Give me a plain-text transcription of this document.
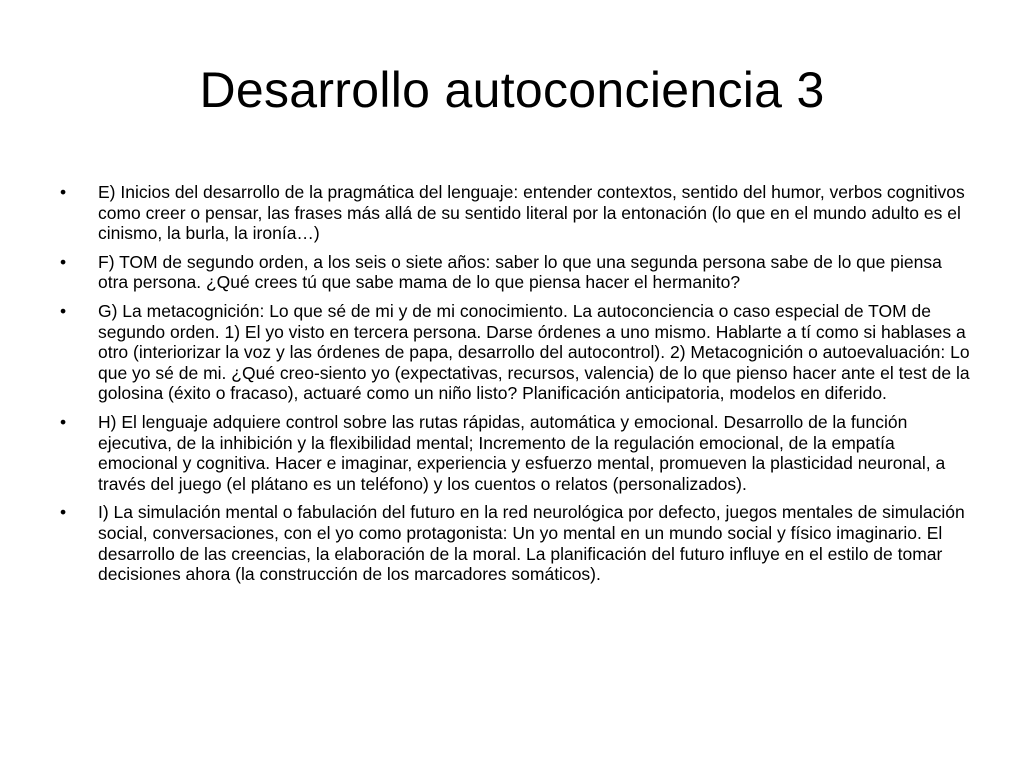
Desarrollo autoconciencia 3
• E) Inicios del desarrollo de la pragmática del lenguaje: entender contextos, sentido del humor, verbos cognitivos como creer o pensar, las frases más allá de su sentido literal por la entonación (lo que en el mundo adulto es el cinismo, la burla, la ironía…)
• F) TOM de segundo orden, a los seis o siete años: saber lo que una segunda persona sabe de lo que piensa otra persona. ¿Qué crees tú que sabe mama de lo que piensa hacer el hermanito?
• G) La metacognición: Lo que sé de mi y de mi conocimiento. La autoconciencia o caso especial de TOM de segundo orden. 1) El yo visto en tercera persona. Darse órdenes a uno mismo. Hablarte a tí como si hablases a otro (interiorizar la voz y las órdenes de papa, desarrollo del autocontrol). 2) Metacognición o autoevaluación: Lo que yo sé de mi. ¿Qué creo-siento yo (expectativas, recursos, valencia) de lo que pienso hacer ante el test de la golosina (éxito o fracaso), actuaré como un niño listo? Planificación anticipatoria, modelos en diferido.
• H) El lenguaje adquiere control sobre las rutas rápidas, automática y emocional. Desarrollo de la función ejecutiva, de la inhibición y la flexibilidad mental; Incremento de la regulación emocional, de la empatía emocional y cognitiva. Hacer e imaginar, experiencia y esfuerzo mental, promueven la plasticidad neuronal, a través del juego (el plátano es un teléfono) y los cuentos o relatos (personalizados).
• I) La simulación mental o fabulación del futuro en la red neurológica por defecto, juegos mentales de simulación social, conversaciones, con el yo como protagonista: Un yo mental en un mundo social y físico imaginario. El desarrollo de las creencias, la elaboración de la moral. La planificación del futuro influye en el estilo de tomar decisiones ahora (la construcción de los marcadores somáticos).
